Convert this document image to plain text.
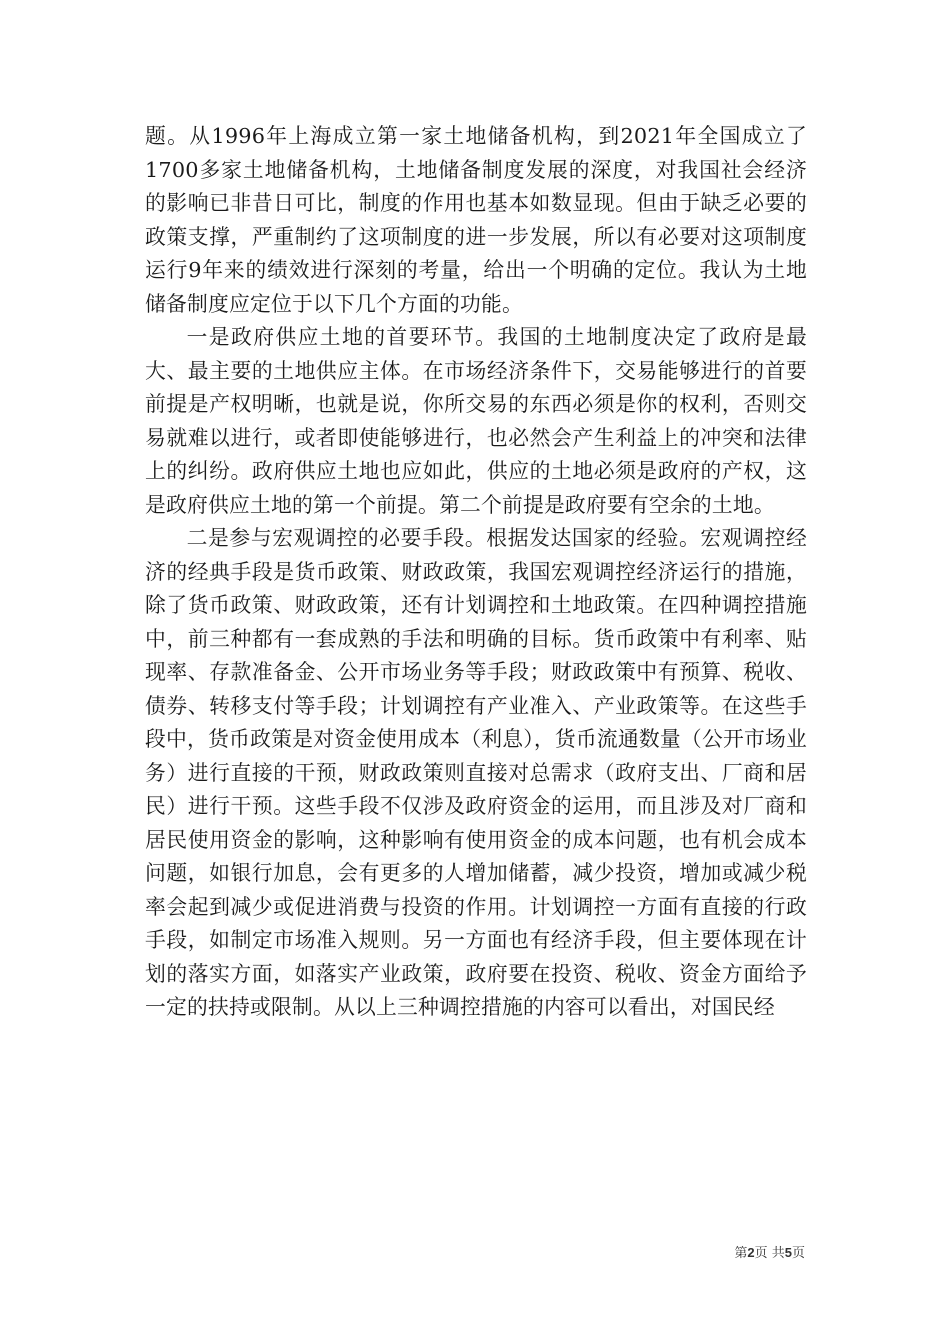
题。从1996年上海成立第一家土地储备机构，到2021年全国成立了1700多家土地储备机构，土地储备制度发展的深度，对我国社会经济的影响已非昔日可比，制度的作用也基本如数显现。但由于缺乏必要的政策支撑，严重制约了这项制度的进一步发展，所以有必要对这项制度运行9年来的绩效进行深刻的考量，给出一个明确的定位。我认为土地储备制度应定位于以下几个方面的功能。

一是政府供应土地的首要环节。我国的土地制度决定了政府是最大、最主要的土地供应主体。在市场经济条件下，交易能够进行的首要前提是产权明晰，也就是说，你所交易的东西必须是你的权利，否则交易就难以进行，或者即使能够进行，也必然会产生利益上的冲突和法律上的纠纷。政府供应土地也应如此，供应的土地必须是政府的产权，这是政府供应土地的第一个前提。第二个前提是政府要有空余的土地。

二是参与宏观调控的必要手段。根据发达国家的经验。宏观调控经济的经典手段是货币政策、财政政策，我国宏观调控经济运行的措施，除了货币政策、财政政策，还有计划调控和土地政策。在四种调控措施中，前三种都有一套成熟的手法和明确的目标。货币政策中有利率、贴现率、存款准备金、公开市场业务等手段；财政政策中有预算、税收、债券、转移支付等手段；计划调控有产业准入、产业政策等。在这些手段中，货币政策是对资金使用成本（利息），货币流通数量（公开市场业务）进行直接的干预，财政政策则直接对总需求（政府支出、厂商和居民）进行干预。这些手段不仅涉及政府资金的运用，而且涉及对厂商和居民使用资金的影响，这种影响有使用资金的成本问题，也有机会成本问题，如银行加息，会有更多的人增加储蓄，减少投资，增加或减少税率会起到减少或促进消费与投资的作用。计划调控一方面有直接的行政手段，如制定市场准入规则。另一方面也有经济手段，但主要体现在计划的落实方面，如落实产业政策，政府要在投资、税收、资金方面给予一定的扶持或限制。从以上三种调控措施的内容可以看出，对国民经

第2页 共5页
